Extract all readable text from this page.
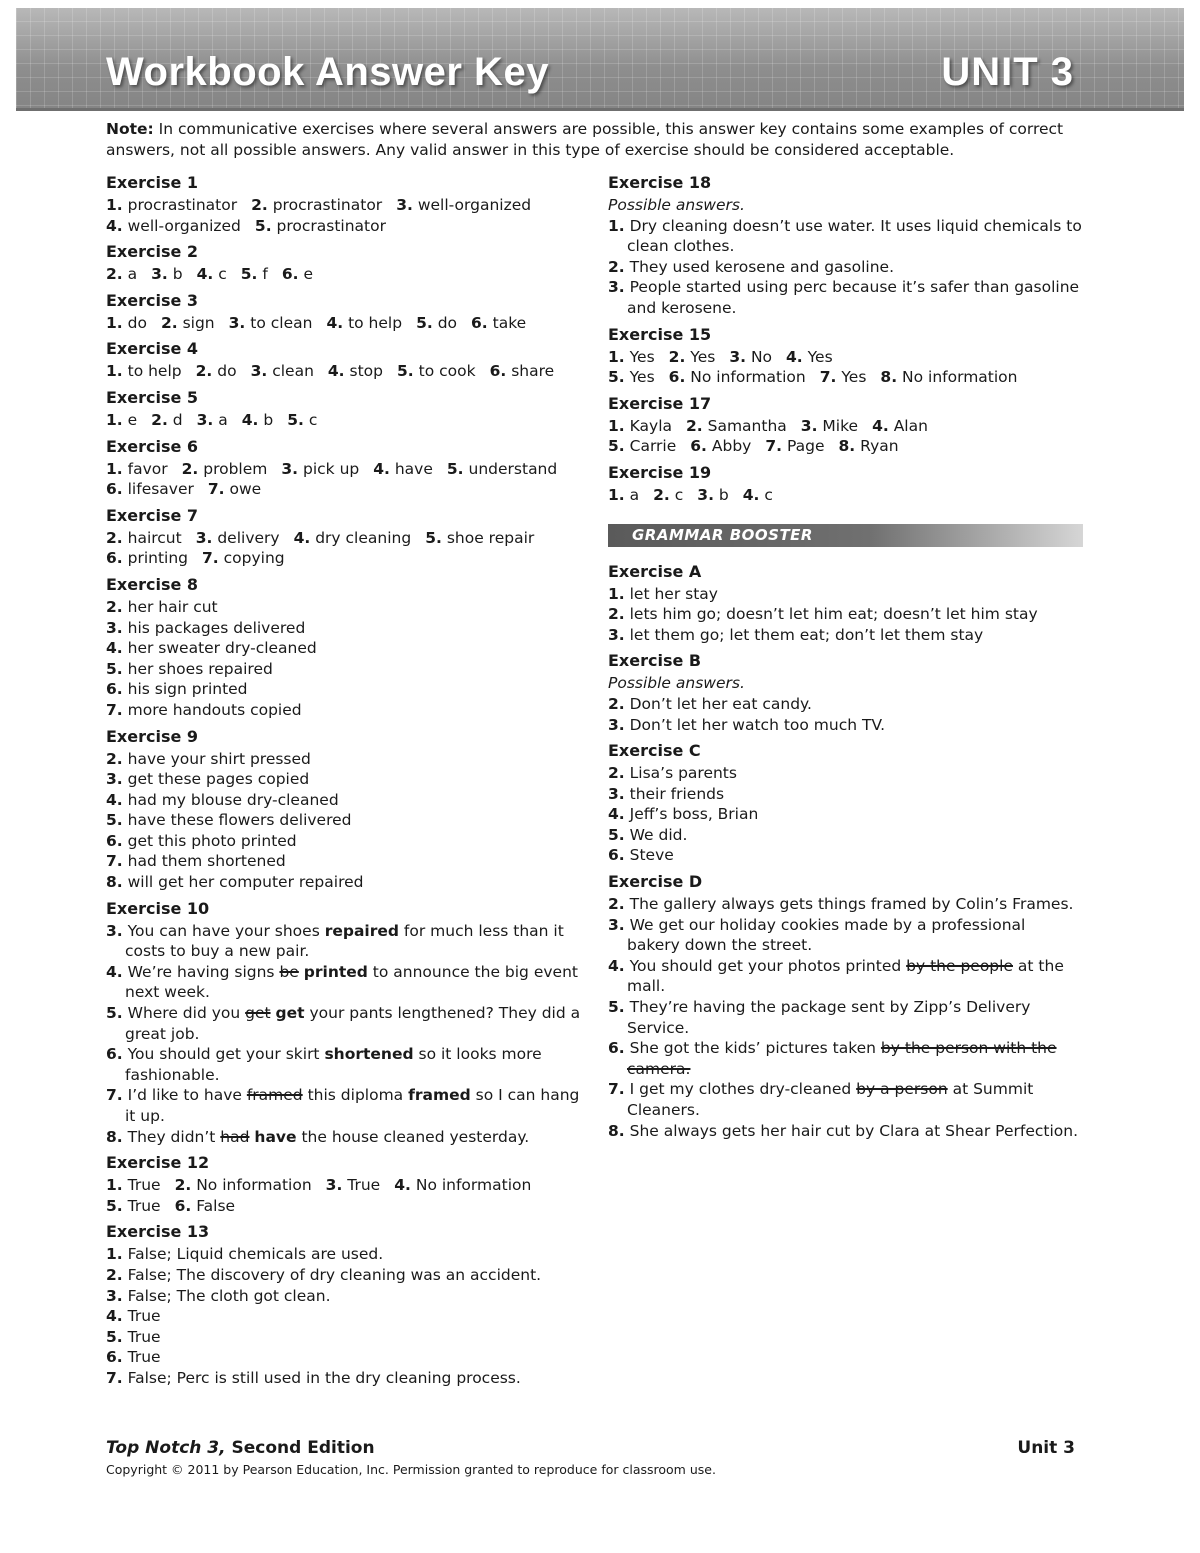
Workbook Answer Key	UNIT 3
Note: In communicative exercises where several answers are possible, this answer key contains some examples of correct answers, not all possible answers. Any valid answer in this type of exercise should be considered acceptable.
Exercise 1
1. procrastinator 2. procrastinator 3. well-organized
4. well-organized 5. procrastinator
Exercise 2
2. a 3. b 4. c 5. f 6. e
Exercise 3
1. do 2. sign 3. to clean 4. to help 5. do 6. take
Exercise 4
1. to help 2. do 3. clean 4. stop 5. to cook 6. share
Exercise 5
1. e 2. d 3. a 4. b 5. c
Exercise 6
1. favor 2. problem 3. pick up 4. have 5. understand
6. lifesaver 7. owe
Exercise 7
2. haircut 3. delivery 4. dry cleaning 5. shoe repair
6. printing 7. copying
Exercise 8
2. her hair cut
3. his packages delivered
4. her sweater dry-cleaned
5. her shoes repaired
6. his sign printed
7. more handouts copied
Exercise 9
2. have your shirt pressed
3. get these pages copied
4. had my blouse dry-cleaned
5. have these flowers delivered
6. get this photo printed
7. had them shortened
8. will get her computer repaired
Exercise 10
3. You can have your shoes repaired for much less than it costs to buy a new pair.
4. We’re having signs be printed to announce the big event next week.
5. Where did you get get your pants lengthened? They did a great job.
6. You should get your skirt shortened so it looks more fashionable.
7. I’d like to have framed this diploma framed so I can hang it up.
8. They didn’t had have the house cleaned yesterday.
Exercise 12
1. True 2. No information 3. True 4. No information
5. True 6. False
Exercise 13
1. False; Liquid chemicals are used.
2. False; The discovery of dry cleaning was an accident.
3. False; The cloth got clean.
4. True
5. True
6. True
7. False; Perc is still used in the dry cleaning process.
Exercise 18
Possible answers.
1. Dry cleaning doesn’t use water. It uses liquid chemicals to clean clothes.
2. They used kerosene and gasoline.
3. People started using perc because it’s safer than gasoline and kerosene.
Exercise 15
1. Yes 2. Yes 3. No 4. Yes
5. Yes 6. No information 7. Yes 8. No information
Exercise 17
1. Kayla 2. Samantha 3. Mike 4. Alan
5. Carrie 6. Abby 7. Page 8. Ryan
Exercise 19
1. a 2. c 3. b 4. c
GRAMMAR BOOSTER
Exercise A
1. let her stay
2. lets him go; doesn’t let him eat; doesn’t let him stay
3. let them go; let them eat; don’t let them stay
Exercise B
Possible answers.
2. Don’t let her eat candy.
3. Don’t let her watch too much TV.
Exercise C
2. Lisa’s parents
3. their friends
4. Jeff’s boss, Brian
5. We did.
6. Steve
Exercise D
2. The gallery always gets things framed by Colin’s Frames.
3. We get our holiday cookies made by a professional bakery down the street.
4. You should get your photos printed by the people at the mall.
5. They’re having the package sent by Zipp’s Delivery Service.
6. She got the kids’ pictures taken by the person with the camera.
7. I get my clothes dry-cleaned by a person at Summit Cleaners.
8. She always gets her hair cut by Clara at Shear Perfection.
Top Notch 3, Second Edition	Unit 3
Copyright © 2011 by Pearson Education, Inc. Permission granted to reproduce for classroom use.
